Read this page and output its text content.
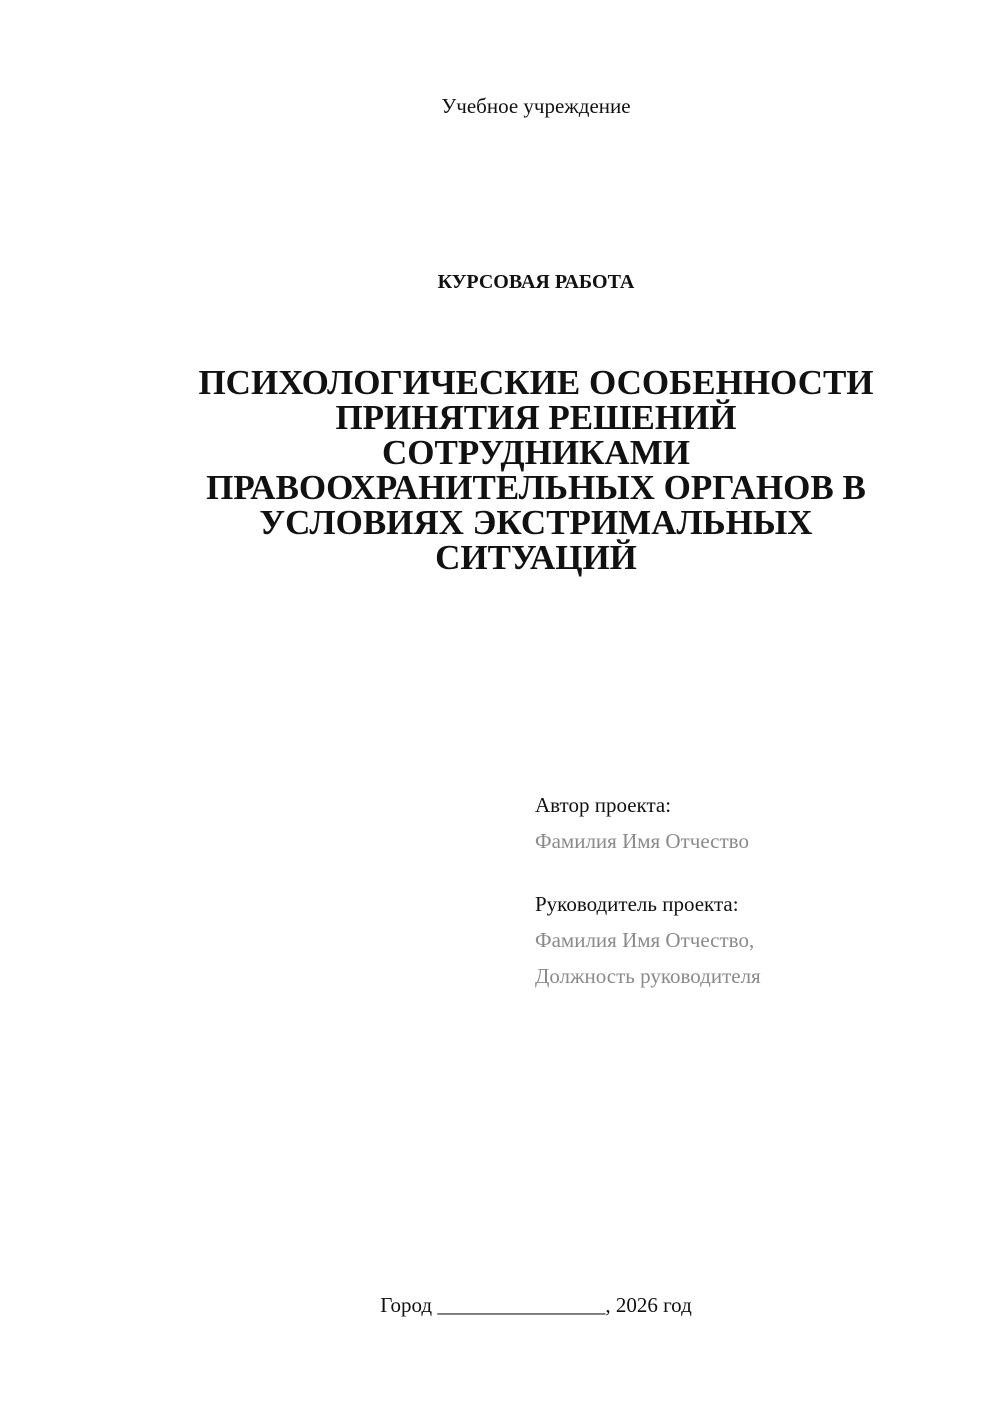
Учебное учреждение
КУРСОВАЯ РАБОТА
ПСИХОЛОГИЧЕСКИЕ ОСОБЕННОСТИ
ПРИНЯТИЯ РЕШЕНИЙ
СОТРУДНИКАМИ
ПРАВООХРАНИТЕЛЬНЫХ ОРГАНОВ В
УСЛОВИЯХ ЭКСТРИМАЛЬНЫХ
СИТУАЦИЙ
Автор проекта:
Фамилия Имя Отчество
Руководитель проекта:
Фамилия Имя Отчество,
Должность руководителя
Город ________________, 2026 год
